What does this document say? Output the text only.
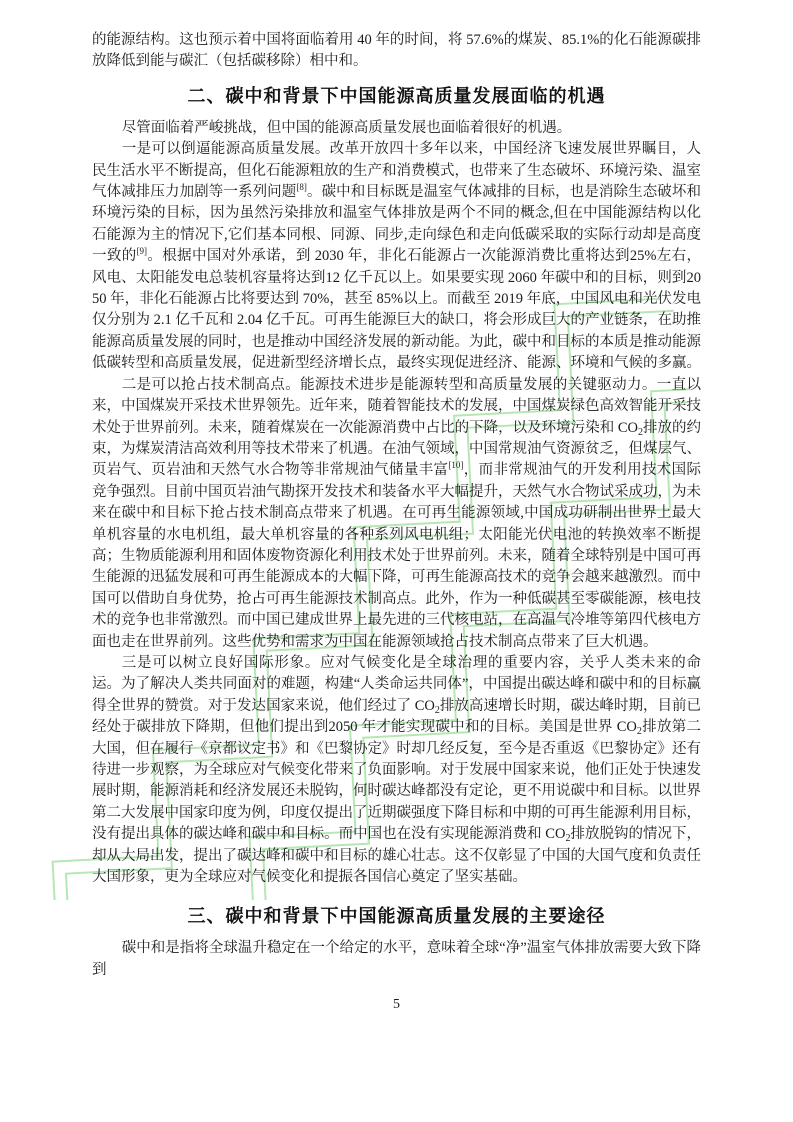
的能源结构。这也预示着中国将面临着用 40 年的时间，将 57.6%的煤炭、85.1%的化石能源碳排放降低到能与碳汇（包括碳移除）相中和。

二、碳中和背景下中国能源高质量发展面临的机遇

尽管面临着严峻挑战，但中国的能源高质量发展也面临着很好的机遇。

一是可以倒逼能源高质量发展。改革开放四十多年以来，中国经济飞速发展世界瞩目，人民生活水平不断提高，但化石能源粗放的生产和消费模式，也带来了生态破坏、环境污染、温室气体减排压力加剧等一系列问题[8]。碳中和目标既是温室气体减排的目标，也是消除生态破坏和环境污染的目标，因为虽然污染排放和温室气体排放是两个不同的概念,但在中国能源结构以化石能源为主的情况下,它们基本同根、同源、同步,走向绿色和走向低碳采取的实际行动却是高度一致的[9]。根据中国对外承诺，到 2030 年，非化石能源占一次能源消费比重将达到25%左右，风电、太阳能发电总装机容量将达到12 亿千瓦以上。如果要实现 2060 年碳中和的目标，则到2050 年，非化石能源占比将要达到 70%，甚至 85%以上。而截至 2019 年底，中国风电和光伏发电仅分别为 2.1 亿千瓦和 2.04 亿千瓦。可再生能源巨大的缺口，将会形成巨大的产业链条，在助推能源高质量发展的同时，也是推动中国经济发展的新动能。为此，碳中和目标的本质是推动能源低碳转型和高质量发展，促进新型经济增长点，最终实现促进经济、能源、环境和气候的多赢。

二是可以抢占技术制高点。能源技术进步是能源转型和高质量发展的关键驱动力。一直以来，中国煤炭开采技术世界领先。近年来，随着智能技术的发展，中国煤炭绿色高效智能开采技术处于世界前列。未来，随着煤炭在一次能源消费中占比的下降，以及环境污染和 $CO_2$排放的约束，为煤炭清洁高效利用等技术带来了机遇。在油气领域，中国常规油气资源贫乏，但煤层气、页岩气、页岩油和天然气水合物等非常规油气储量丰富[10]，而非常规油气的开发利用技术国际竞争强烈。目前中国页岩油气勘探开发技术和装备水平大幅提升，天然气水合物试采成功，为未来在碳中和目标下抢占技术制高点带来了机遇。在可再生能源领域,中国成功研制出世界上最大单机容量的水电机组，最大单机容量的各种系列风电机组；太阳能光伏电池的转换效率不断提高；生物质能源利用和固体废物资源化利用技术处于世界前列。未来，随着全球特别是中国可再生能源的迅猛发展和可再生能源成本的大幅下降，可再生能源高技术的竞争会越来越激烈。而中国可以借助自身优势，抢占可再生能源技术制高点。此外，作为一种低碳甚至零碳能源，核电技术的竞争也非常激烈。而中国已建成世界上最先进的三代核电站，在高温气冷堆等第四代核电方面也走在世界前列。这些优势和需求为中国在能源领域抢占技术制高点带来了巨大机遇。

三是可以树立良好国际形象。应对气候变化是全球治理的重要内容，关乎人类未来的命运。为了解决人类共同面对的难题，构建“人类命运共同体”，中国提出碳达峰和碳中和的目标赢得全世界的赞赏。对于发达国家来说，他们经过了 $CO_2$排放高速增长时期，碳达峰时期，目前已经处于碳排放下降期，但他们提出到2050 年才能实现碳中和的目标。美国是世界 $CO_2$排放第二大国，但在履行《京都议定书》和《巴黎协定》时却几经反复，至今是否重返《巴黎协定》还有待进一步观察，为全球应对气候变化带来了负面影响。对于发展中国家来说，他们正处于快速发展时期，能源消耗和经济发展还未脱钩，何时碳达峰都没有定论，更不用说碳中和目标。以世界第二大发展中国家印度为例，印度仅提出了近期碳强度下降目标和中期的可再生能源利用目标，没有提出具体的碳达峰和碳中和目标。而中国也在没有实现能源消费和 $CO_2$排放脱钩的情况下，却从大局出发，提出了碳达峰和碳中和目标的雄心壮志。这不仅彰显了中国的大国气度和负责任大国形象，更为全球应对气候变化和提振各国信心奠定了坚实基础。

三、碳中和背景下中国能源高质量发展的主要途径

碳中和是指将全球温升稳定在一个给定的水平，意味着全球“净”温室气体排放需要大致下降到

5
